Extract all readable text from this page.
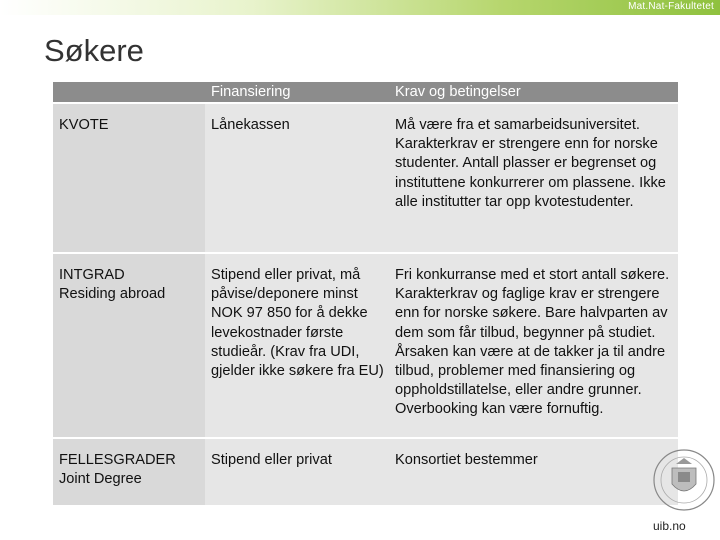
Mat.Nat-Fakultetet
Søkere
	Finansiering	Krav og betingelser

KVOTE	Lånekassen	Må være fra et samarbeidsuniversitet. Karakterkrav er strengere enn for norske studenter. Antall plasser er begrenset og instituttene konkurrerer om plassene. Ikke alle institutter tar opp kvotestudenter.

INTGRAD
Residing abroad	Stipend eller privat, må påvise/deponere minst NOK 97 850 for å dekke levekostnader første studieår. (Krav fra UDI, gjelder ikke søkere fra EU)	Fri konkurranse med et stort antall søkere. Karakterkrav og faglige krav er strengere enn for norske søkere. Bare halvparten av dem som får tilbud, begynner på studiet. Årsaken kan være at de takker ja til andre tilbud, problemer med finansiering og oppholdstillatelse, eller andre grunner. Overbooking kan være fornuftig.

FELLESGRADER
Joint Degree	Stipend eller privat	Konsortiet bestemmer
uib.no
